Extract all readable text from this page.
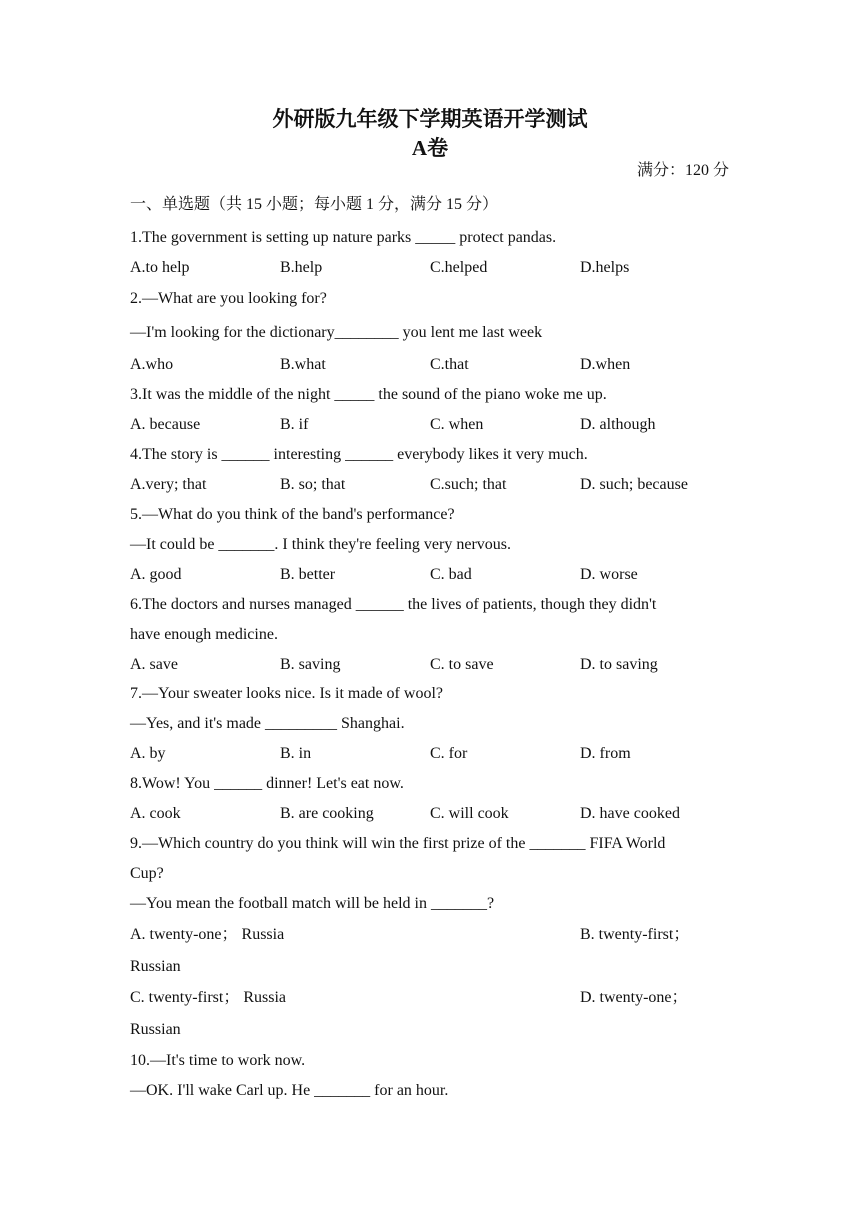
外研版九年级下学期英语开学测试
A卷
满分：120 分
一、单选题（共 15 小题；每小题 1 分，满分 15 分）
1.The government is setting up nature parks _____ protect pandas.
A.to help	B.help	C.helped	D.helps
2.—What are you looking for?
—I'm looking for the dictionary________ you lent me last week
A.who	B.what	C.that	D.when
3.It was the middle of the night _____ the sound of the piano woke me up.
A. because	B. if	C. when	D. although
4.The story is ______ interesting ______ everybody likes it very much.
A.very; that	B. so; that	C.such; that	D. such; because
5.—What do you think of the band's performance?
—It could be _______. I think they're feeling very nervous.
A. good	B. better	C. bad	D. worse
6.The doctors and nurses managed ______ the lives of patients, though they didn't
have enough medicine.
A. save	B. saving	C. to save	D. to saving
7.—Your sweater looks nice. Is it made of wool?
—Yes, and it's made _________ Shanghai.
A. by	B. in	C. for	D. from
8.Wow! You ______ dinner! Let's eat now.
A. cook	B. are cooking	C. will cook	D. have cooked
9.—Which country do you think will win the first prize of the _______ FIFA World
Cup?
—You mean the football match will be held in _______?
A. twenty-one； Russia	B. twenty-first；
Russian
C. twenty-first； Russia	D. twenty-one；
Russian
10.—It's time to work now.
—OK. I'll wake Carl up. He _______ for an hour.
